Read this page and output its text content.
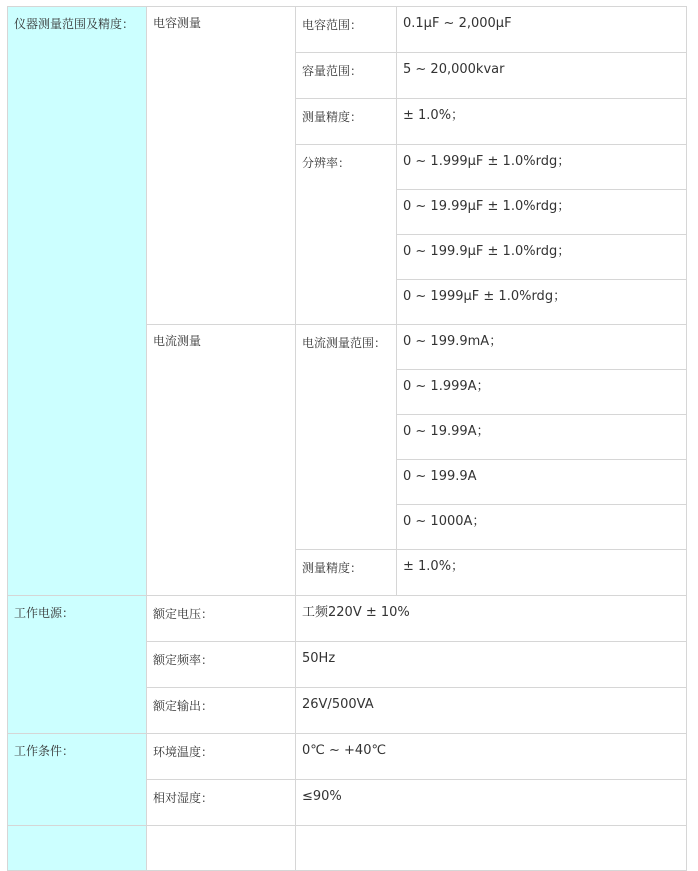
仪器测量范围及精度：	电容测量	电容范围：	0.1μF ~ 2,000μF
		容量范围：	5 ~ 20,000kvar
		测量精度：	± 1.0%；
		分辨率：	0 ~ 1.999μF ± 1.0%rdg；
			0 ~ 19.99μF ± 1.0%rdg；
			0 ~ 199.9μF ± 1.0%rdg；
			0 ~ 1999μF ± 1.0%rdg；
	电流测量	电流测量范围：	0 ~ 199.9mA；
			0 ~ 1.999A；
			0 ~ 19.99A；
			0 ~ 199.9A
			0 ~ 1000A；
		测量精度：	± 1.0%；
工作电源：	额定电压：	工频220V ± 10%	
	额定频率：	50Hz	
	额定输出：	26V/500VA	
工作条件：	环境温度：	0℃ ~ +40℃	
	相对湿度：	≤90%	
